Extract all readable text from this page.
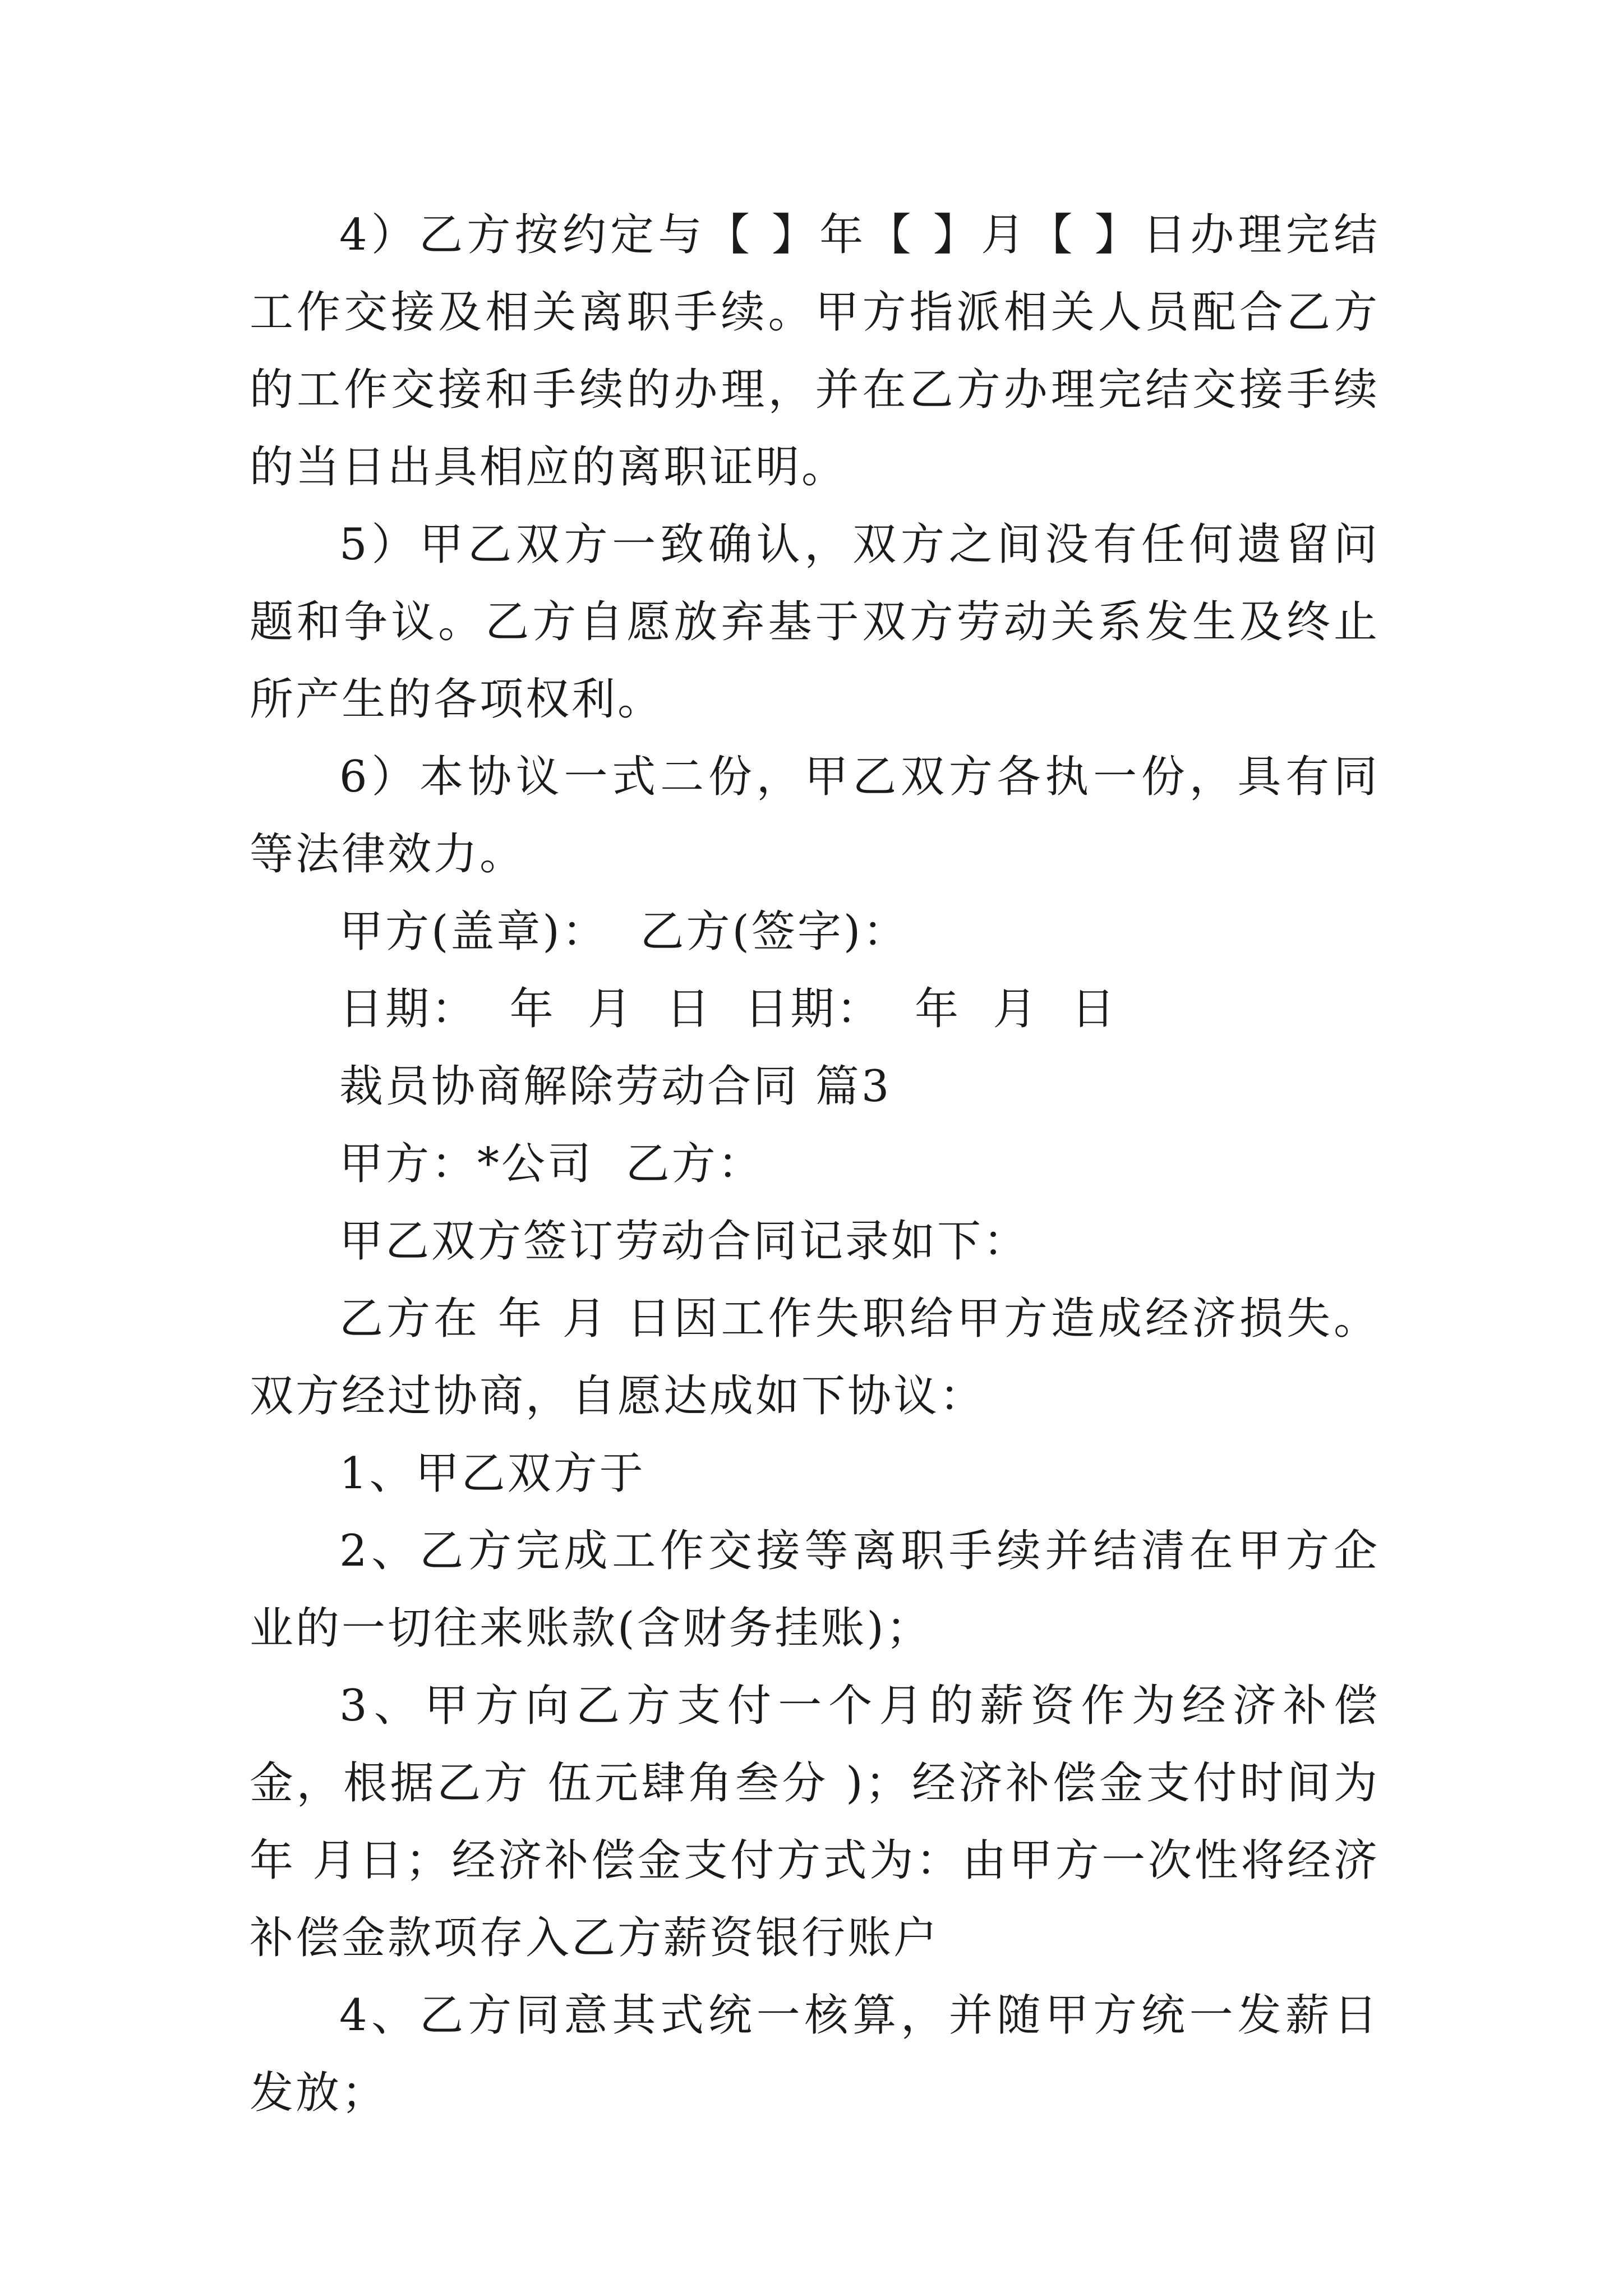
4）乙方按约定与【 】年【 】月【 】日办理完结工作交接及相关离职手续。甲方指派相关人员配合乙方的工作交接和手续的办理，并在乙方办理完结交接手续的当日出具相应的离职证明。

5）甲乙双方一致确认，双方之间没有任何遗留问题和争议。乙方自愿放弃基于双方劳动关系发生及终止所产生的各项权利。

6）本协议一式二份，甲乙双方各执一份，具有同等法律效力。

甲方(盖章)：  乙方(签字)：

日期：  年  月  日  日期：  年  月  日

裁员协商解除劳动合同 篇3

甲方：*公司  乙方：

甲乙双方签订劳动合同记录如下：

乙方在 年 月 日因工作失职给甲方造成经济损失。双方经过协商，自愿达成如下协议：

1、甲乙双方于

2、乙方完成工作交接等离职手续并结清在甲方企业的一切往来账款(含财务挂账)；

3、甲方向乙方支付一个月的薪资作为经济补偿金，根据乙方 伍元肆角叁分 )；经济补偿金支付时间为 年 月日；经济补偿金支付方式为：由甲方一次性将经济补偿金款项存入乙方薪资银行账户

4、乙方同意其式统一核算，并随甲方统一发薪日发放；
